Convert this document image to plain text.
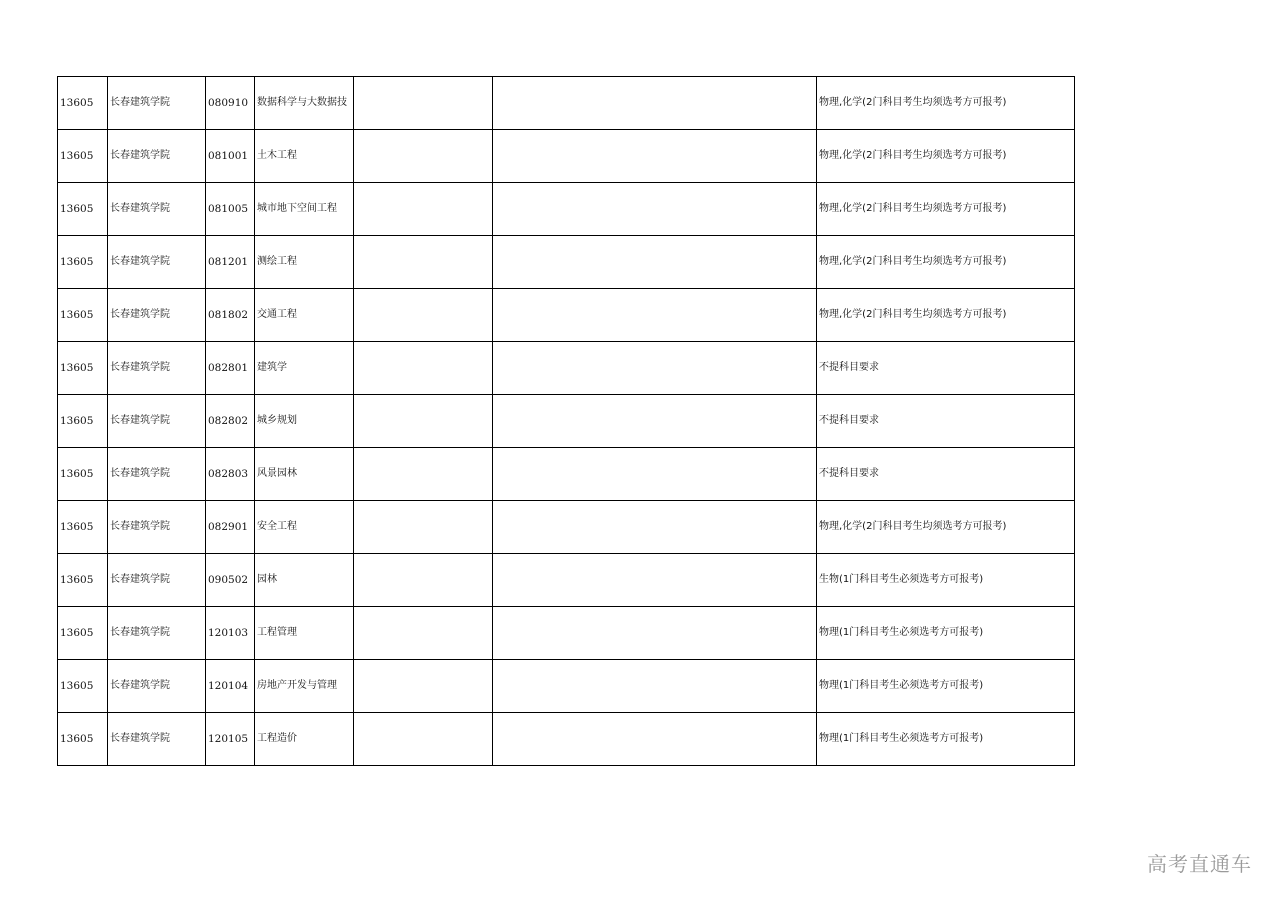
13605	长春建筑学院	080910	数据科学与大数据技			物理,化学(2门科目考生均须选考方可报考)
13605	长春建筑学院	081001	土木工程			物理,化学(2门科目考生均须选考方可报考)
13605	长春建筑学院	081005	城市地下空间工程			物理,化学(2门科目考生均须选考方可报考)
13605	长春建筑学院	081201	测绘工程			物理,化学(2门科目考生均须选考方可报考)
13605	长春建筑学院	081802	交通工程			物理,化学(2门科目考生均须选考方可报考)
13605	长春建筑学院	082801	建筑学			不提科目要求
13605	长春建筑学院	082802	城乡规划			不提科目要求
13605	长春建筑学院	082803	风景园林			不提科目要求
13605	长春建筑学院	082901	安全工程			物理,化学(2门科目考生均须选考方可报考)
13605	长春建筑学院	090502	园林			生物(1门科目考生必须选考方可报考)
13605	长春建筑学院	120103	工程管理			物理(1门科目考生必须选考方可报考)
13605	长春建筑学院	120104	房地产开发与管理			物理(1门科目考生必须选考方可报考)
13605	长春建筑学院	120105	工程造价			物理(1门科目考生必须选考方可报考)
高考直通车
